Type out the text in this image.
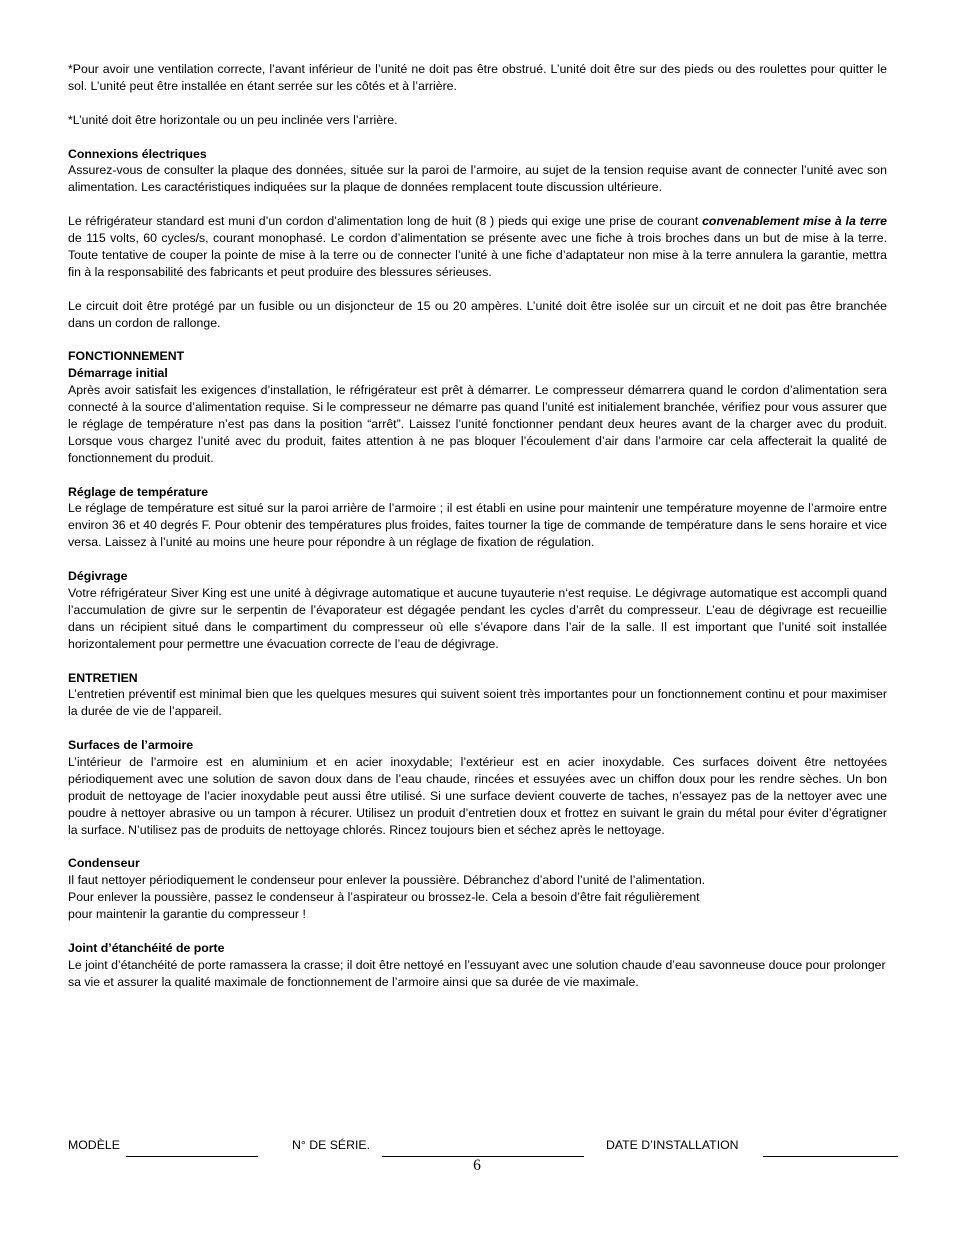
*Pour avoir une ventilation correcte, l’avant inférieur de l’unité ne doit pas être obstrué. L’unité doit être sur des pieds ou des roulettes pour quitter le sol. L’unité peut être installée en étant serrée sur les côtés et à l’arrière.

*L’unité doit être horizontale ou un peu inclinée vers l’arrière.

Connexions électriques

Assurez-vous de consulter la plaque des données, située sur la paroi de l’armoire, au sujet de la tension requise avant de connecter l’unité avec son alimentation. Les caractéristiques indiquées sur la plaque de données remplacent toute discussion ultérieure.

Le réfrigérateur standard est muni d’un cordon d’alimentation long de huit (8 ) pieds qui exige une prise de courant convenablement mise à la terre de 115 volts, 60 cycles/s, courant monophasé. Le cordon d’alimentation se présente avec une fiche à trois broches dans un but de mise à la terre. Toute tentative de couper la pointe de mise à la terre ou de connecter l’unité à une fiche d’adaptateur non mise à la terre annulera la garantie, mettra fin à la responsabilité des fabricants et peut produire des blessures sérieuses.

Le circuit doit être protégé par un fusible ou un disjoncteur de 15 ou 20 ampères. L’unité doit être isolée sur un circuit et ne doit pas être branchée dans un cordon de rallonge.

FONCTIONNEMENT

Démarrage initial

Après avoir satisfait les exigences d’installation, le réfrigérateur est prêt à démarrer. Le compresseur démarrera quand le cordon d’alimentation sera connecté à la source d’alimentation requise. Si le compresseur ne démarre pas quand l’unité est initialement branchée, vérifiez pour vous assurer que le réglage de température n’est pas dans la position “arrêt”. Laissez l’unité fonctionner pendant deux heures avant de la charger avec du produit. Lorsque vous chargez l’unité avec du produit, faites attention à ne pas bloquer l’écoulement d’air dans l’armoire car cela affecterait la qualité de fonctionnement du produit.

Réglage de température

Le réglage de température est situé sur la paroi arrière de l’armoire ; il est établi en usine pour maintenir une température moyenne de l’armoire entre environ 36 et 40 degrés F. Pour obtenir des températures plus froides, faites tourner la tige de commande de température dans le sens horaire et vice versa. Laissez à l’unité au moins une heure pour répondre à un réglage de fixation de régulation.

Dégivrage

Votre réfrigérateur Siver King est une unité à dégivrage automatique et aucune tuyauterie n‘est requise. Le dégivrage automatique est accompli quand l’accumulation de givre sur le serpentin de l’évaporateur est dégagée pendant les cycles d’arrêt du compresseur. L’eau de dégivrage est recueillie dans un récipient situé dans le compartiment du compresseur où elle s’évapore dans l’air de la salle. Il est important que l’unité soit installée horizontalement pour permettre une évacuation correcte de l’eau de dégivrage.

ENTRETIEN

L’entretien préventif est minimal bien que les quelques mesures qui suivent soient très importantes pour un fonctionnement continu et pour maximiser la durée de vie de l’appareil.

Surfaces de l’armoire

L’intérieur de l’armoire est en aluminium et en acier inoxydable; l’extérieur est en acier inoxydable. Ces surfaces doivent être nettoyées périodiquement avec une solution de savon doux dans de l’eau chaude, rincées et essuyées avec un chiffon doux pour les rendre sèches. Un bon produit de nettoyage de l’acier inoxydable peut aussi être utilisé. Si une surface devient couverte de taches, n’essayez pas de la nettoyer avec une poudre à nettoyer abrasive ou un tampon à récurer. Utilisez un produit d’entretien doux et frottez en suivant le grain du métal pour éviter d’égratigner la surface. N’utilisez pas de produits de nettoyage chlorés. Rincez toujours bien et séchez après le nettoyage.

Condenseur

Il faut nettoyer périodiquement le condenseur pour enlever la poussière. Débranchez d’abord l’unité de l’alimentation.

Pour enlever la poussière, passez le condenseur à l’aspirateur ou brossez-le. Cela a besoin d’être fait régulièrement

pour maintenir la garantie du compresseur !

Joint d’étanchéité de porte

Le joint d’étanchéité de porte ramassera la crasse; il doit être nettoyé en l’essuyant avec une solution chaude d’eau savonneuse douce pour prolonger sa vie et assurer la qualité maximale de fonctionnement de l’armoire ainsi que sa durée de vie maximale.

MODÈLE	N° DE SÉRIE.	DATE D’INSTALLATION
6
